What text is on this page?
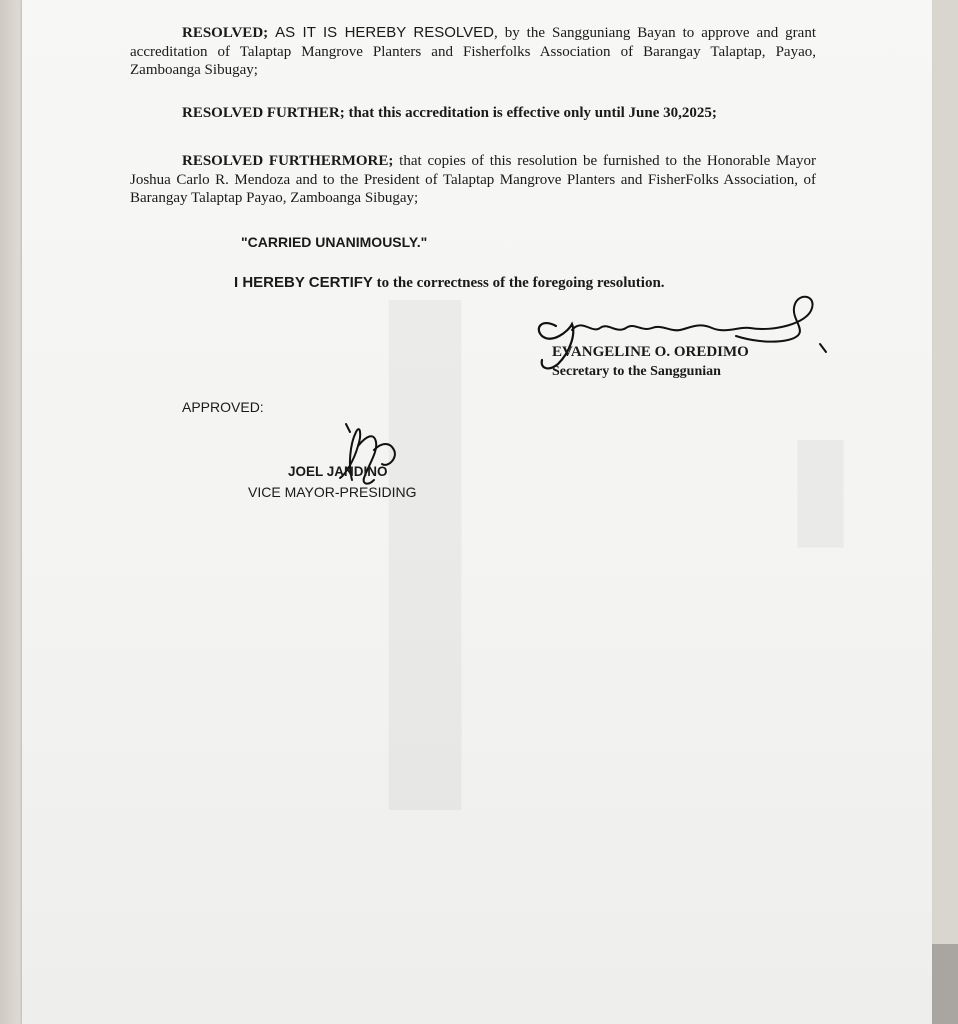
████████████	████

RESOLVED; AS IT IS HEREBY RESOLVED, by the Sangguniang Bayan to approve and grant accreditation of Talaptap Mangrove Planters and Fisherfolks Association of Barangay Talaptap, Payao, Zamboanga Sibugay;

RESOLVED FURTHER; that this accreditation is effective only until June 30,2025;

RESOLVED FURTHERMORE; that copies of this resolution be furnished to the Honorable Mayor Joshua Carlo R. Mendoza and to the President of Talaptap Mangrove Planters and FisherFolks Association, of Barangay Talaptap Payao, Zamboanga Sibugay;

"CARRIED UNANIMOUSLY."

I HEREBY CERTIFY to the correctness of the foregoing resolution.

EVANGELINE O. OREDIMO
Secretary to the Sanggunian
APPROVED:
JOEL JANDINO
VICE MAYOR-PRESIDING
